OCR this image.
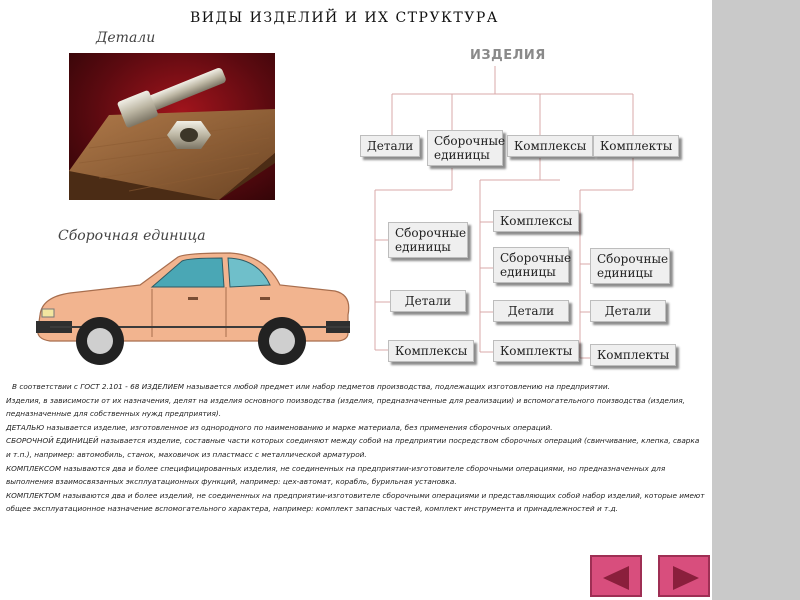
ВИДЫ ИЗДЕЛИЙ И ИХ СТРУКТУРА
Детали
Сборочная единица
ИЗДЕЛИЯ
Детали	Сборочные единицы
Комплексы	Комплекты
Сборочные единицы
Детали
Комплексы
Комплексы
Сборочные единицы
Детали
Комплекты
Сборочные единицы
Детали
Комплекты

В соответствии с ГОСТ 2.101 - 68 ИЗДЕЛИЕМ называется любой предмет или набор педметов производства, подлежащих изготовлению на предприятии.

Изделия, в зависимости от их назначения, делят на изделия основного поизводства (изделия, предназначенные для реализации) и вспомогательного поизводства (изделия, педназначенные для собственных нужд предприятия).

ДЕТАЛЬЮ называется изделие, изготовленное из однородного по наименованию и марке материала, без применения сборочных операций.

СБОРОЧНОЙ ЕДИНИЦЕЙ называется изделие, составные части которых соединяют между собой на предприятии посредством сборочных операций (свинчивание, клепка, сварка и т.п.), например: автомобиль, станок, маховичок из пластмасс с металлической арматурой.

КОМПЛЕКСОМ называются два и более специфицированных изделия, не соединенных на предприятии-изготовителе сборочными операциями, но предназначенных для выполнения взаимосвязанных эксплуатационных функций, например: цех-автомат, корабль, бурильная установка.

КОМПЛЕКТОМ называются два и более изделий, не соединенных на предприятии-изготовителе сборочными операциями и представляющих собой набор изделий, которые имеют общее эксплуатационное назначение вспомогательного характера, например: комплект запасных частей, комплект инструмента и принадлежностей и т.д.
